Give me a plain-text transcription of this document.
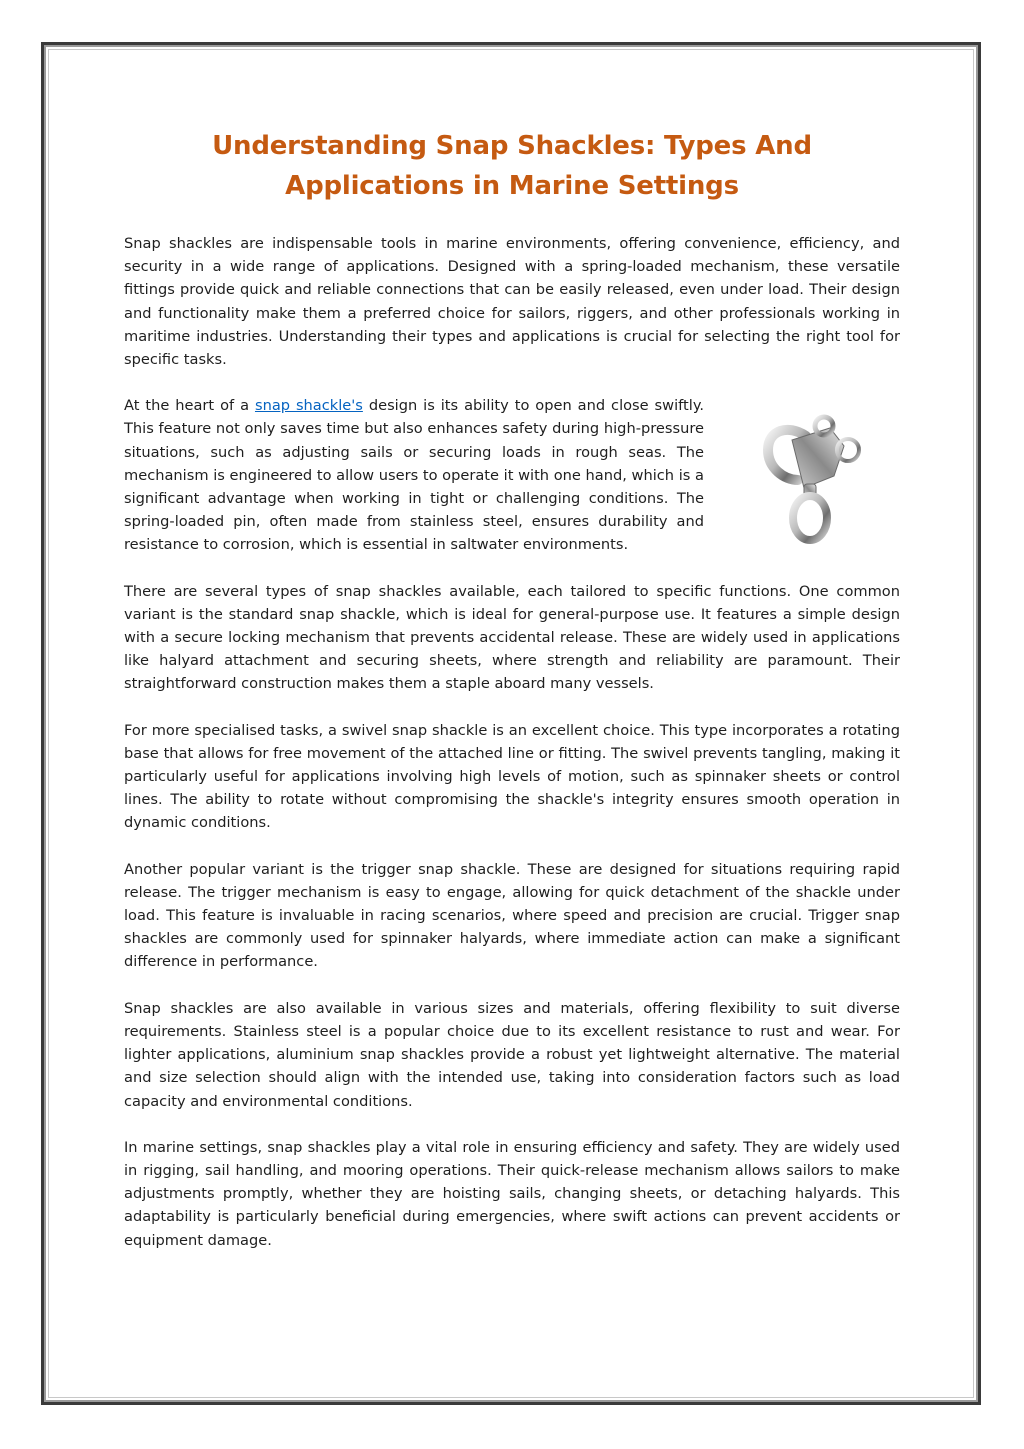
Understanding Snap Shackles: Types And Applications in Marine Settings

Snap shackles are indispensable tools in marine environments, offering convenience, efficiency, and security in a wide range of applications. Designed with a spring-loaded mechanism, these versatile fittings provide quick and reliable connections that can be easily released, even under load. Their design and functionality make them a preferred choice for sailors, riggers, and other professionals working in maritime industries. Understanding their types and applications is crucial for selecting the right tool for specific tasks.

At the heart of a snap shackle's design is its ability to open and close swiftly. This feature not only saves time but also enhances safety during high-pressure situations, such as adjusting sails or securing loads in rough seas. The mechanism is engineered to allow users to operate it with one hand, which is a significant advantage when working in tight or challenging conditions. The spring-loaded pin, often made from stainless steel, ensures durability and resistance to corrosion, which is essential in saltwater environments.

There are several types of snap shackles available, each tailored to specific functions. One common variant is the standard snap shackle, which is ideal for general-purpose use. It features a simple design with a secure locking mechanism that prevents accidental release. These are widely used in applications like halyard attachment and securing sheets, where strength and reliability are paramount. Their straightforward construction makes them a staple aboard many vessels.

For more specialised tasks, a swivel snap shackle is an excellent choice. This type incorporates a rotating base that allows for free movement of the attached line or fitting. The swivel prevents tangling, making it particularly useful for applications involving high levels of motion, such as spinnaker sheets or control lines. The ability to rotate without compromising the shackle's integrity ensures smooth operation in dynamic conditions.

Another popular variant is the trigger snap shackle. These are designed for situations requiring rapid release. The trigger mechanism is easy to engage, allowing for quick detachment of the shackle under load. This feature is invaluable in racing scenarios, where speed and precision are crucial. Trigger snap shackles are commonly used for spinnaker halyards, where immediate action can make a significant difference in performance.

Snap shackles are also available in various sizes and materials, offering flexibility to suit diverse requirements. Stainless steel is a popular choice due to its excellent resistance to rust and wear. For lighter applications, aluminium snap shackles provide a robust yet lightweight alternative. The material and size selection should align with the intended use, taking into consideration factors such as load capacity and environmental conditions.

In marine settings, snap shackles play a vital role in ensuring efficiency and safety. They are widely used in rigging, sail handling, and mooring operations. Their quick-release mechanism allows sailors to make adjustments promptly, whether they are hoisting sails, changing sheets, or detaching halyards. This adaptability is particularly beneficial during emergencies, where swift actions can prevent accidents or equipment damage.
